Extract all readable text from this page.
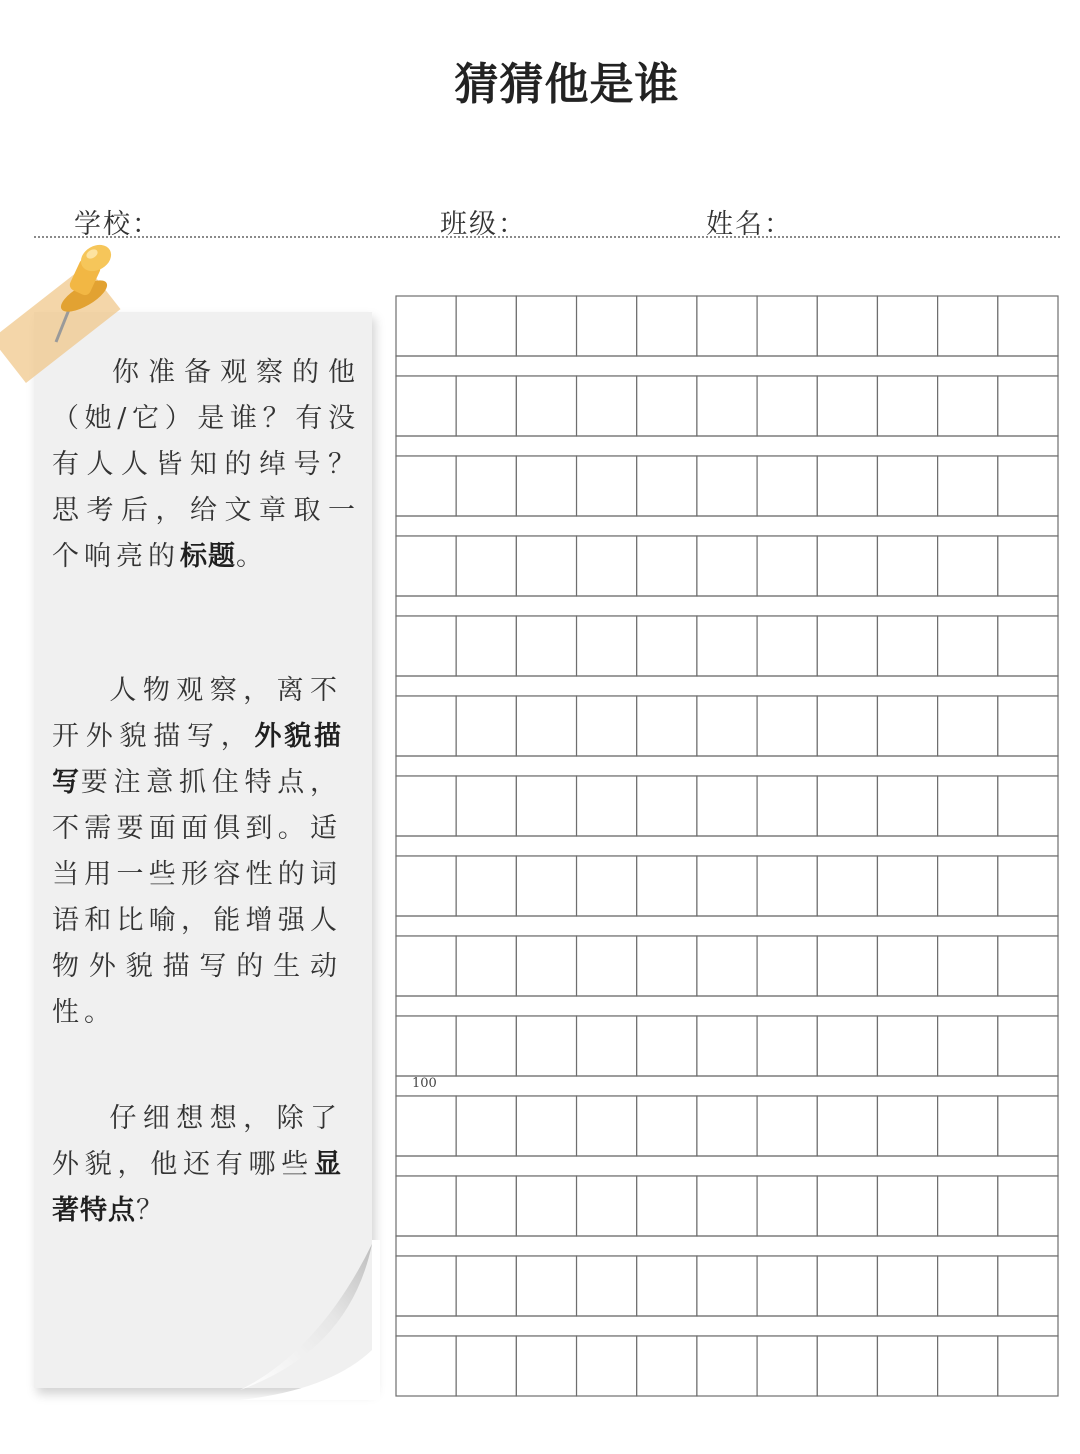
猜猜他是谁
学校：	班级：	姓名：

你准备观察的他（她/它）是谁？有没有人人皆知的绰号？思考后，给文章取一个响亮的标题。

人物观察，离不开外貌描写，外貌描写要注意抓住特点，不需要面面俱到。适当用一些形容性的词语和比喻，能增强人物外貌描写的生动性。

仔细想想，除了外貌，他还有哪些显著特点？

100
